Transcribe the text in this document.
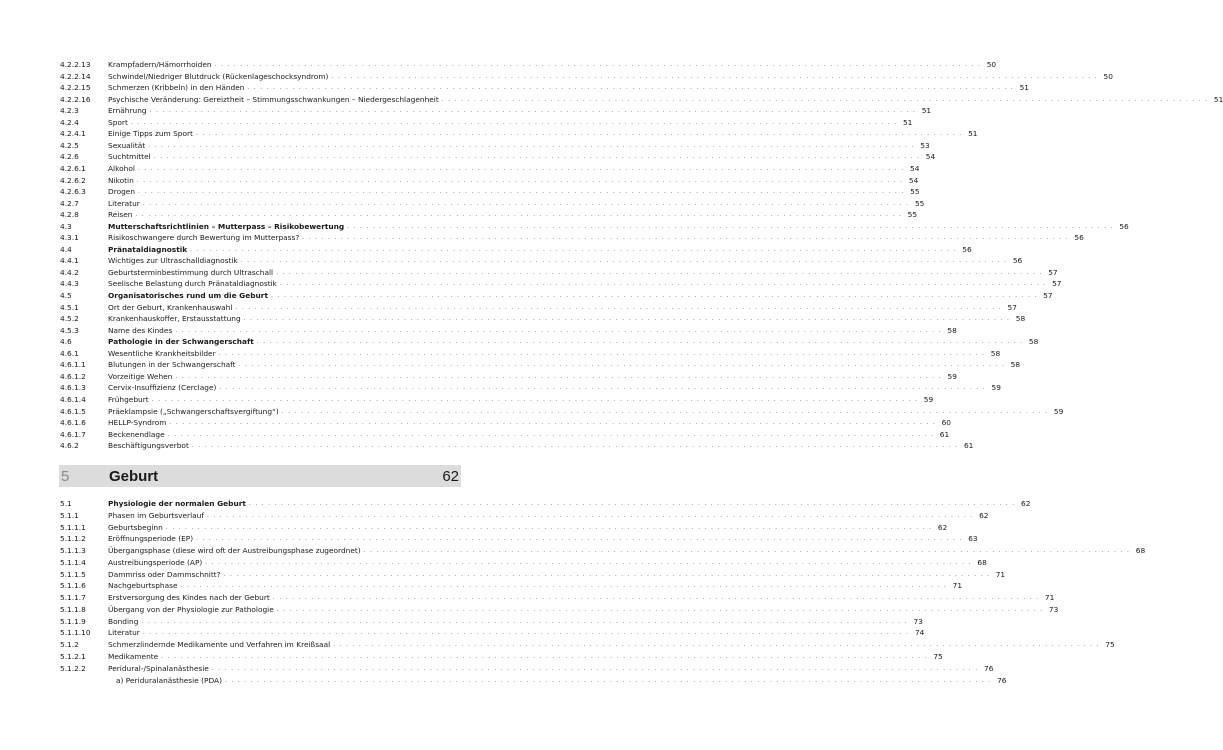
4.2.2.13 Krampfadern/Hämorrhoiden . . . . . . . . . . . . . . . . . . . . . . . . . . . . . . . . . . . . . . . . . . . . . . . . . . . . . . . . . . . . . . . . . . . . . . . . . . . . . . . . . . . . . . . . . . . . . . . . . . . . . . . . . . . . . . . . . . . . . . . . 50
4.2.2.14 Schwindel/Niedriger Blutdruck (Rückenlageschocksyndrom) . . . . . . . . . . . . . . . . . . . . . . . . . . . . . . . . . . . . . . . . . . . . . . . . . . . . . . . . . . . . . . . . . . . . . . . . . . . . . . . . . . . . . . . . . . . . . . . . . . . . . . . . . . . . . . . . . . . . . . . . 50
4.2.2.15 Schmerzen (Kribbeln) in den Händen . . . . . . . . . . . . . . . . . . . . . . . . . . . . . . . . . . . . . . . . . . . . . . . . . . . . . . . . . . . . . . . . . . . . . . . . . . . . . . . . . . . . . . . . . . . . . . . . . . . . . . . . . . . . . . . . . . . . . . . . 51
4.2.2.16 Psychische Veränderung: Gereiztheit – Stimmungsschwankungen – Niedergeschlagenheit . . . . . . . . . . . . . . . . . . . . . . . . . . . . . . . . . . . . . . . . . . . . . . . . . . . . . . . . . . . . . . . . . . . . . . . . . . . . . . . . . . . . . . . . . . . . . . . . . . . . . . . . . . . . . . . . . . . . . . . . 51
4.2.3	Ernährung . . . . . . . . . . . . . . . . . . . . . . . . . . . . . . . . . . . . . . . . . . . . . . . . . . . . . . . . . . . . . . . . . . . . . . . . . . . . . . . . . . . . . . . . . . . . . . . . . . . . . . . . . . . . . . . . . . . . . . . . 51
4.2.4	Sport . . . . . . . . . . . . . . . . . . . . . . . . . . . . . . . . . . . . . . . . . . . . . . . . . . . . . . . . . . . . . . . . . . . . . . . . . . . . . . . . . . . . . . . . . . . . . . . . . . . . . . . . . . . . . . . . . . . . . . . . 51
4.2.4.1	Einige Tipps zum Sport . . . . . . . . . . . . . . . . . . . . . . . . . . . . . . . . . . . . . . . . . . . . . . . . . . . . . . . . . . . . . . . . . . . . . . . . . . . . . . . . . . . . . . . . . . . . . . . . . . . . . . . . . . . . . . . . . . . . . . . . 51
4.2.5	Sexualität . . . . . . . . . . . . . . . . . . . . . . . . . . . . . . . . . . . . . . . . . . . . . . . . . . . . . . . . . . . . . . . . . . . . . . . . . . . . . . . . . . . . . . . . . . . . . . . . . . . . . . . . . . . . . . . . . . . . . . . . 53
4.2.6	Suchtmittel . . . . . . . . . . . . . . . . . . . . . . . . . . . . . . . . . . . . . . . . . . . . . . . . . . . . . . . . . . . . . . . . . . . . . . . . . . . . . . . . . . . . . . . . . . . . . . . . . . . . . . . . . . . . . . . . . . . . . . . . 54
4.2.6.1	Alkohol . . . . . . . . . . . . . . . . . . . . . . . . . . . . . . . . . . . . . . . . . . . . . . . . . . . . . . . . . . . . . . . . . . . . . . . . . . . . . . . . . . . . . . . . . . . . . . . . . . . . . . . . . . . . . . . . . . . . . . . . 54
4.2.6.2	Nikotin . . . . . . . . . . . . . . . . . . . . . . . . . . . . . . . . . . . . . . . . . . . . . . . . . . . . . . . . . . . . . . . . . . . . . . . . . . . . . . . . . . . . . . . . . . . . . . . . . . . . . . . . . . . . . . . . . . . . . . . . 54
4.2.6.3	Drogen . . . . . . . . . . . . . . . . . . . . . . . . . . . . . . . . . . . . . . . . . . . . . . . . . . . . . . . . . . . . . . . . . . . . . . . . . . . . . . . . . . . . . . . . . . . . . . . . . . . . . . . . . . . . . . . . . . . . . . . . 55
4.2.7	Literatur . . . . . . . . . . . . . . . . . . . . . . . . . . . . . . . . . . . . . . . . . . . . . . . . . . . . . . . . . . . . . . . . . . . . . . . . . . . . . . . . . . . . . . . . . . . . . . . . . . . . . . . . . . . . . . . . . . . . . . . . 55
4.2.8	Reisen . . . . . . . . . . . . . . . . . . . . . . . . . . . . . . . . . . . . . . . . . . . . . . . . . . . . . . . . . . . . . . . . . . . . . . . . . . . . . . . . . . . . . . . . . . . . . . . . . . . . . . . . . . . . . . . . . . . . . . . . 55
4.3	Mutterschaftsrichtlinien – Mutterpass – Risikobewertung . . . . . . . . . . . . . . . . . . . . . . . . . . . . . . . . . . . . . . . . . . . . . . . . . . . . . . . . . . . . . . . . . . . . . . . . . . . . . . . . . . . . . . . . . . . . . . . . . . . . . . . . . . . . . . . . . . . . . . . . 56
4.3.1	Risikoschwangere durch Bewertung im Mutterpass? . . . . . . . . . . . . . . . . . . . . . . . . . . . . . . . . . . . . . . . . . . . . . . . . . . . . . . . . . . . . . . . . . . . . . . . . . . . . . . . . . . . . . . . . . . . . . . . . . . . . . . . . . . . . . . . . . . . . . . . . 56
4.4	Pränataldiagnostik . . . . . . . . . . . . . . . . . . . . . . . . . . . . . . . . . . . . . . . . . . . . . . . . . . . . . . . . . . . . . . . . . . . . . . . . . . . . . . . . . . . . . . . . . . . . . . . . . . . . . . . . . . . . . . . . . . . . . . . . 56
4.4.1	Wichtiges zur Ultraschalldiagnostik . . . . . . . . . . . . . . . . . . . . . . . . . . . . . . . . . . . . . . . . . . . . . . . . . . . . . . . . . . . . . . . . . . . . . . . . . . . . . . . . . . . . . . . . . . . . . . . . . . . . . . . . . . . . . . . . . . . . . . . . 56
4.4.2	Geburtsterminbestimmung durch Ultraschall . . . . . . . . . . . . . . . . . . . . . . . . . . . . . . . . . . . . . . . . . . . . . . . . . . . . . . . . . . . . . . . . . . . . . . . . . . . . . . . . . . . . . . . . . . . . . . . . . . . . . . . . . . . . . . . . . . . . . . . . 57
4.4.3	Seelische Belastung durch Pränataldiagnostik . . . . . . . . . . . . . . . . . . . . . . . . . . . . . . . . . . . . . . . . . . . . . . . . . . . . . . . . . . . . . . . . . . . . . . . . . . . . . . . . . . . . . . . . . . . . . . . . . . . . . . . . . . . . . . . . . . . . . . . . 57
4.5	Organisatorisches rund um die Geburt . . . . . . . . . . . . . . . . . . . . . . . . . . . . . . . . . . . . . . . . . . . . . . . . . . . . . . . . . . . . . . . . . . . . . . . . . . . . . . . . . . . . . . . . . . . . . . . . . . . . . . . . . . . . . . . . . . . . . . . . 57
4.5.1	Ort der Geburt, Krankenhauswahl . . . . . . . . . . . . . . . . . . . . . . . . . . . . . . . . . . . . . . . . . . . . . . . . . . . . . . . . . . . . . . . . . . . . . . . . . . . . . . . . . . . . . . . . . . . . . . . . . . . . . . . . . . . . . . . . . . . . . . . . 57
4.5.2	Krankenhauskoffer, Erstausstattung . . . . . . . . . . . . . . . . . . . . . . . . . . . . . . . . . . . . . . . . . . . . . . . . . . . . . . . . . . . . . . . . . . . . . . . . . . . . . . . . . . . . . . . . . . . . . . . . . . . . . . . . . . . . . . . . . . . . . . . . 58
4.5.3	Name des Kindes . . . . . . . . . . . . . . . . . . . . . . . . . . . . . . . . . . . . . . . . . . . . . . . . . . . . . . . . . . . . . . . . . . . . . . . . . . . . . . . . . . . . . . . . . . . . . . . . . . . . . . . . . . . . . . . . . . . . . . . . 58
4.6	Pathologie in der Schwangerschaft . . . . . . . . . . . . . . . . . . . . . . . . . . . . . . . . . . . . . . . . . . . . . . . . . . . . . . . . . . . . . . . . . . . . . . . . . . . . . . . . . . . . . . . . . . . . . . . . . . . . . . . . . . . . . . . . . . . . . . . . 58
4.6.1	Wesentliche Krankheitsbilder . . . . . . . . . . . . . . . . . . . . . . . . . . . . . . . . . . . . . . . . . . . . . . . . . . . . . . . . . . . . . . . . . . . . . . . . . . . . . . . . . . . . . . . . . . . . . . . . . . . . . . . . . . . . . . . . . . . . . . . . 58
4.6.1.1	Blutungen in der Schwangerschaft . . . . . . . . . . . . . . . . . . . . . . . . . . . . . . . . . . . . . . . . . . . . . . . . . . . . . . . . . . . . . . . . . . . . . . . . . . . . . . . . . . . . . . . . . . . . . . . . . . . . . . . . . . . . . . . . . . . . . . . . 58
4.6.1.2	Vorzeitige Wehen . . . . . . . . . . . . . . . . . . . . . . . . . . . . . . . . . . . . . . . . . . . . . . . . . . . . . . . . . . . . . . . . . . . . . . . . . . . . . . . . . . . . . . . . . . . . . . . . . . . . . . . . . . . . . . . . . . . . . . . . 59
4.6.1.3	Cervix-Insuffizienz (Cerclage) . . . . . . . . . . . . . . . . . . . . . . . . . . . . . . . . . . . . . . . . . . . . . . . . . . . . . . . . . . . . . . . . . . . . . . . . . . . . . . . . . . . . . . . . . . . . . . . . . . . . . . . . . . . . . . . . . . . . . . . . 59
4.6.1.4	Frühgeburt . . . . . . . . . . . . . . . . . . . . . . . . . . . . . . . . . . . . . . . . . . . . . . . . . . . . . . . . . . . . . . . . . . . . . . . . . . . . . . . . . . . . . . . . . . . . . . . . . . . . . . . . . . . . . . . . . . . . . . . . 59
4.6.1.5	Präeklampsie („Schwangerschaftsvergiftung“) . . . . . . . . . . . . . . . . . . . . . . . . . . . . . . . . . . . . . . . . . . . . . . . . . . . . . . . . . . . . . . . . . . . . . . . . . . . . . . . . . . . . . . . . . . . . . . . . . . . . . . . . . . . . . . . . . . . . . . . . 59
4.6.1.6	HELLP-Syndrom . . . . . . . . . . . . . . . . . . . . . . . . . . . . . . . . . . . . . . . . . . . . . . . . . . . . . . . . . . . . . . . . . . . . . . . . . . . . . . . . . . . . . . . . . . . . . . . . . . . . . . . . . . . . . . . . . . . . . . . . 60
4.6.1.7	Beckenendlage . . . . . . . . . . . . . . . . . . . . . . . . . . . . . . . . . . . . . . . . . . . . . . . . . . . . . . . . . . . . . . . . . . . . . . . . . . . . . . . . . . . . . . . . . . . . . . . . . . . . . . . . . . . . . . . . . . . . . . . . 61
4.6.2	Beschäftigungsverbot . . . . . . . . . . . . . . . . . . . . . . . . . . . . . . . . . . . . . . . . . . . . . . . . . . . . . . . . . . . . . . . . . . . . . . . . . . . . . . . . . . . . . . . . . . . . . . . . . . . . . . . . . . . . . . . . . . . . . . . . 61
5	Geburt	62
5.1	Physiologie der normalen Geburt . . . . . . . . . . . . . . . . . . . . . . . . . . . . . . . . . . . . . . . . . . . . . . . . . . . . . . . . . . . . . . . . . . . . . . . . . . . . . . . . . . . . . . . . . . . . . . . . . . . . . . . . . . . . . . . . . . . . . . . . 62
5.1.1	Phasen im Geburtsverlauf . . . . . . . . . . . . . . . . . . . . . . . . . . . . . . . . . . . . . . . . . . . . . . . . . . . . . . . . . . . . . . . . . . . . . . . . . . . . . . . . . . . . . . . . . . . . . . . . . . . . . . . . . . . . . . . . . . . . . . . . 62
5.1.1.1	Geburtsbeginn . . . . . . . . . . . . . . . . . . . . . . . . . . . . . . . . . . . . . . . . . . . . . . . . . . . . . . . . . . . . . . . . . . . . . . . . . . . . . . . . . . . . . . . . . . . . . . . . . . . . . . . . . . . . . . . . . . . . . . . . 62
5.1.1.2	Eröffnungsperiode (EP) . . . . . . . . . . . . . . . . . . . . . . . . . . . . . . . . . . . . . . . . . . . . . . . . . . . . . . . . . . . . . . . . . . . . . . . . . . . . . . . . . . . . . . . . . . . . . . . . . . . . . . . . . . . . . . . . . . . . . . . . 63
5.1.1.3	Übergangsphase (diese wird oft der Austreibungsphase zugeordnet) . . . . . . . . . . . . . . . . . . . . . . . . . . . . . . . . . . . . . . . . . . . . . . . . . . . . . . . . . . . . . . . . . . . . . . . . . . . . . . . . . . . . . . . . . . . . . . . . . . . . . . . . . . . . . . . . . . . . . . . . 68
5.1.1.4	Austreibungsperiode (AP) . . . . . . . . . . . . . . . . . . . . . . . . . . . . . . . . . . . . . . . . . . . . . . . . . . . . . . . . . . . . . . . . . . . . . . . . . . . . . . . . . . . . . . . . . . . . . . . . . . . . . . . . . . . . . . . . . . . . . . . . 68
5.1.1.5	Dammriss oder Dammschnitt? . . . . . . . . . . . . . . . . . . . . . . . . . . . . . . . . . . . . . . . . . . . . . . . . . . . . . . . . . . . . . . . . . . . . . . . . . . . . . . . . . . . . . . . . . . . . . . . . . . . . . . . . . . . . . . . . . . . . . . . . 71
5.1.1.6	Nachgeburtsphase . . . . . . . . . . . . . . . . . . . . . . . . . . . . . . . . . . . . . . . . . . . . . . . . . . . . . . . . . . . . . . . . . . . . . . . . . . . . . . . . . . . . . . . . . . . . . . . . . . . . . . . . . . . . . . . . . . . . . . . . 71
5.1.1.7	Erstversorgung des Kindes nach der Geburt . . . . . . . . . . . . . . . . . . . . . . . . . . . . . . . . . . . . . . . . . . . . . . . . . . . . . . . . . . . . . . . . . . . . . . . . . . . . . . . . . . . . . . . . . . . . . . . . . . . . . . . . . . . . . . . . . . . . . . . . 71
5.1.1.8	Übergang von der Physiologie zur Pathologie . . . . . . . . . . . . . . . . . . . . . . . . . . . . . . . . . . . . . . . . . . . . . . . . . . . . . . . . . . . . . . . . . . . . . . . . . . . . . . . . . . . . . . . . . . . . . . . . . . . . . . . . . . . . . . . . . . . . . . . . 73
5.1.1.9	Bonding . . . . . . . . . . . . . . . . . . . . . . . . . . . . . . . . . . . . . . . . . . . . . . . . . . . . . . . . . . . . . . . . . . . . . . . . . . . . . . . . . . . . . . . . . . . . . . . . . . . . . . . . . . . . . . . . . . . . . . . . 73
5.1.1.10 Literatur . . . . . . . . . . . . . . . . . . . . . . . . . . . . . . . . . . . . . . . . . . . . . . . . . . . . . . . . . . . . . . . . . . . . . . . . . . . . . . . . . . . . . . . . . . . . . . . . . . . . . . . . . . . . . . . . . . . . . . . . 74
5.1.2	Schmerzlindernde Medikamente und Verfahren im Kreißsaal . . . . . . . . . . . . . . . . . . . . . . . . . . . . . . . . . . . . . . . . . . . . . . . . . . . . . . . . . . . . . . . . . . . . . . . . . . . . . . . . . . . . . . . . . . . . . . . . . . . . . . . . . . . . . . . . . . . . . . . . 75
5.1.2.1	Medikamente . . . . . . . . . . . . . . . . . . . . . . . . . . . . . . . . . . . . . . . . . . . . . . . . . . . . . . . . . . . . . . . . . . . . . . . . . . . . . . . . . . . . . . . . . . . . . . . . . . . . . . . . . . . . . . . . . . . . . . . . 75
5.1.2.2	Peridural-/Spinalanästhesie . . . . . . . . . . . . . . . . . . . . . . . . . . . . . . . . . . . . . . . . . . . . . . . . . . . . . . . . . . . . . . . . . . . . . . . . . . . . . . . . . . . . . . . . . . . . . . . . . . . . . . . . . . . . . . . . . . . . . . . . 76
a) Periduralanästhesie (PDA) . . . . . . . . . . . . . . . . . . . . . . . . . . . . . . . . . . . . . . . . . . . . . . . . . . . . . . . . . . . . . . . . . . . . . . . . . . . . . . . . . . . . . . . . . . . . . . . . . . . . . . . . . . . . . . . . . . . . . . . . 76
